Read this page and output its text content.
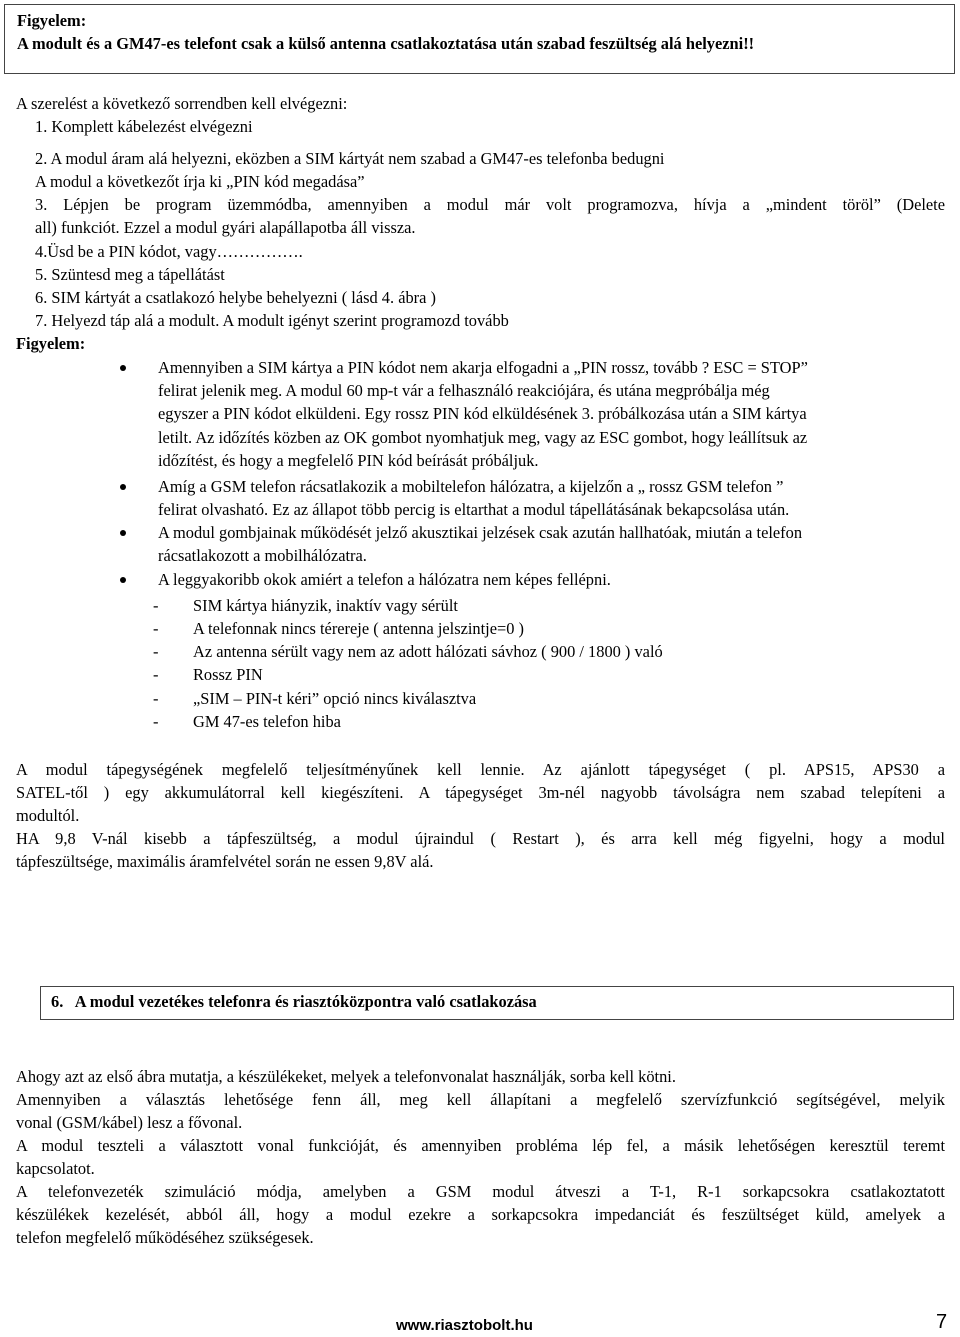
Figyelem:
A modult és a GM47-es telefont csak a külső antenna csatlakoztatása után szabad feszültség alá helyezni!!
A szerelést a következő sorrendben kell elvégezni:
1. Komplett kábelezést elvégezni
2. A modul áram alá helyezni, eközben a SIM kártyát nem szabad a GM47-es telefonba bedugni
A modul a következőt írja ki „PIN kód megadása”
3. Lépjen be program üzemmódba, amennyiben a modul már volt programozva, hívja a „mindent töröl” (Delete
all) funkciót. Ezzel a modul gyári alapállapotba áll vissza.
4.Üsd be a PIN kódot, vagy…………….
5. Szüntesd meg a tápellátást
6. SIM kártyát a csatlakozó helybe behelyezni ( lásd 4. ábra )
7. Helyezd táp alá a modult. A modult igényt szerint programozd tovább
Figyelem:
Amennyiben a SIM kártya a PIN kódot nem akarja elfogadni a „PIN rossz, tovább ? ESC = STOP”
felirat jelenik meg. A modul 60 mp-t vár a felhasználó reakciójára, és utána megpróbálja még
egyszer a PIN kódot elküldeni. Egy rossz PIN kód elküldésének 3. próbálkozása után a SIM kártya
letilt. Az időzítés közben az OK gombot nyomhatjuk meg, vagy az ESC gombot, hogy leállítsuk az
időzítést, és hogy a megfelelő PIN kód beírását próbáljuk.
Amíg a GSM telefon rácsatlakozik a mobiltelefon hálózatra, a kijelzőn a „ rossz GSM telefon ”
felirat olvasható. Ez az állapot több percig is eltarthat a modul tápellátásának bekapcsolása után.
A modul gombjainak működését jelző akusztikai jelzések csak azután hallhatóak, miután a telefon
rácsatlakozott a mobilhálózatra.
A leggyakoribb okok amiért a telefon a hálózatra nem képes fellépni.
- SIM kártya hiányzik, inaktív vagy sérült
- A telefonnak nincs térereje ( antenna jelszintje=0 )
- Az antenna sérült vagy nem az adott hálózati sávhoz ( 900 / 1800 ) való
- Rossz PIN
- „SIM – PIN-t kéri” opció nincs kiválasztva
- GM 47-es telefon hiba
A modul tápegységének megfelelő teljesítményűnek kell lennie. Az ajánlott tápegységet ( pl. APS15, APS30 a
SATEL-től ) egy akkumulátorral kell kiegészíteni. A tápegységet 3m-nél nagyobb távolságra nem szabad telepíteni a
modultól.
HA 9,8 V-nál kisebb a tápfeszültség, a modul újraindul ( Restart ), és arra kell még figyelni, hogy a modul
tápfeszültsége, maximális áramfelvétel során ne essen 9,8V alá.
6. A modul vezetékes telefonra és riasztóközpontra való csatlakozása
Ahogy azt az első ábra mutatja, a készülékeket, melyek a telefonvonalat használják, sorba kell kötni.
Amennyiben a választás lehetősége fenn áll, meg kell állapítani a megfelelő szervízfunkció segítségével, melyik
vonal (GSM/kábel) lesz a fővonal.
A modul teszteli a választott vonal funkcióját, és amennyiben probléma lép fel, a másik lehetőségen keresztül teremt
kapcsolatot.
A telefonvezeték szimuláció módja, amelyben a GSM modul átveszi a T-1, R-1 sorkapcsokra csatlakoztatott
készülékek kezelését, abból áll, hogy a modul ezekre a sorkapcsokra impedanciát és feszültséget küld, amelyek a
telefon megfelelő működéséhez szükségesek.
www.riasztobolt.hu	7
